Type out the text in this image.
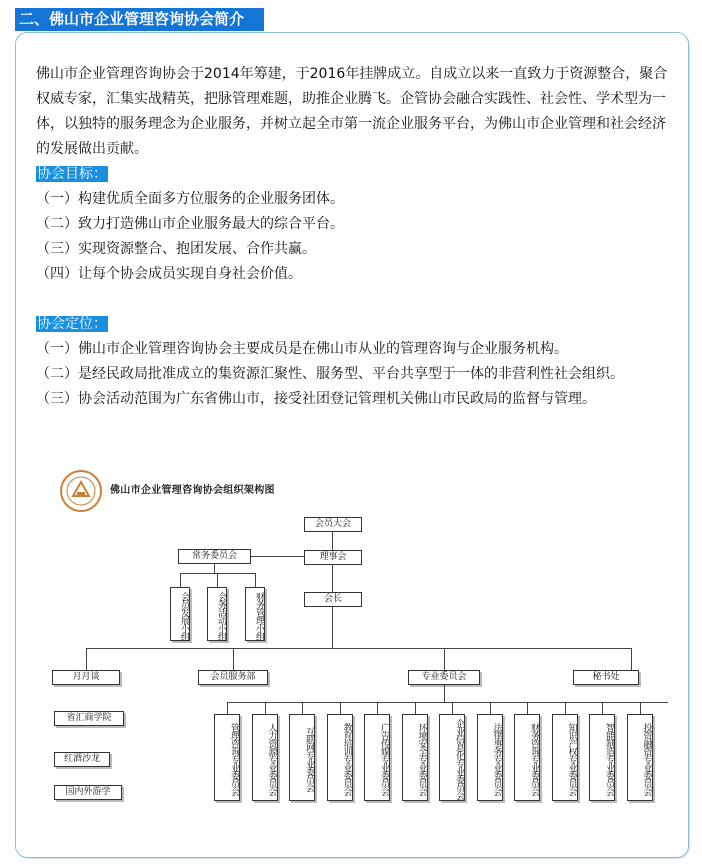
二、佛山市企业管理咨询协会简介

佛山市企业管理咨询协会于2014年筹建，于2016年挂牌成立。自成立以来一直致力于资源整合，聚合权威专家，汇集实战精英，把脉管理难题，助推企业腾飞。企管协会融合实践性、社会性、学术型为一体，以独特的服务理念为企业服务，并树立起全市第一流企业服务平台，为佛山市企业管理和社会经济的发展做出贡献。

协会目标：

（一）构建优质全面多方位服务的企业服务团体。

（二）致力打造佛山市企业服务最大的综合平台。

（三）实现资源整合、抱团发展、合作共赢。

（四）让每个协会成员实现自身社会价值。

协会定位：

（一）佛山市企业管理咨询协会主要成员是在佛山市从业的管理咨询与企业服务机构。

（二）是经民政局批准成立的集资源汇聚性、服务型、平台共享型于一体的非营利性社会组织。

（三）协会活动范围为广东省佛山市，接受社团登记管理机关佛山市民政局的监督与管理。

佛山市企业管理咨询协会组织架构图
会员大会
理事会
会长
常务委员会
会员发展小组	会务活动小组	财务管理小组
月月谈	会员服务部	专业委员会	秘书处
省汇商学院
红酒沙龙
国内外游学	管理咨询专业委员会	人力资源专业委员会	互联网专业委员会	教育培训专业委员会	广告传媒专业委员会	环境安全专业委员会	企业信息化专业委员会	法律事务专业委员会	财务咨询专业委员会	知识产权专业委员会	智能制造专业委员会	投资融资专业委员会
